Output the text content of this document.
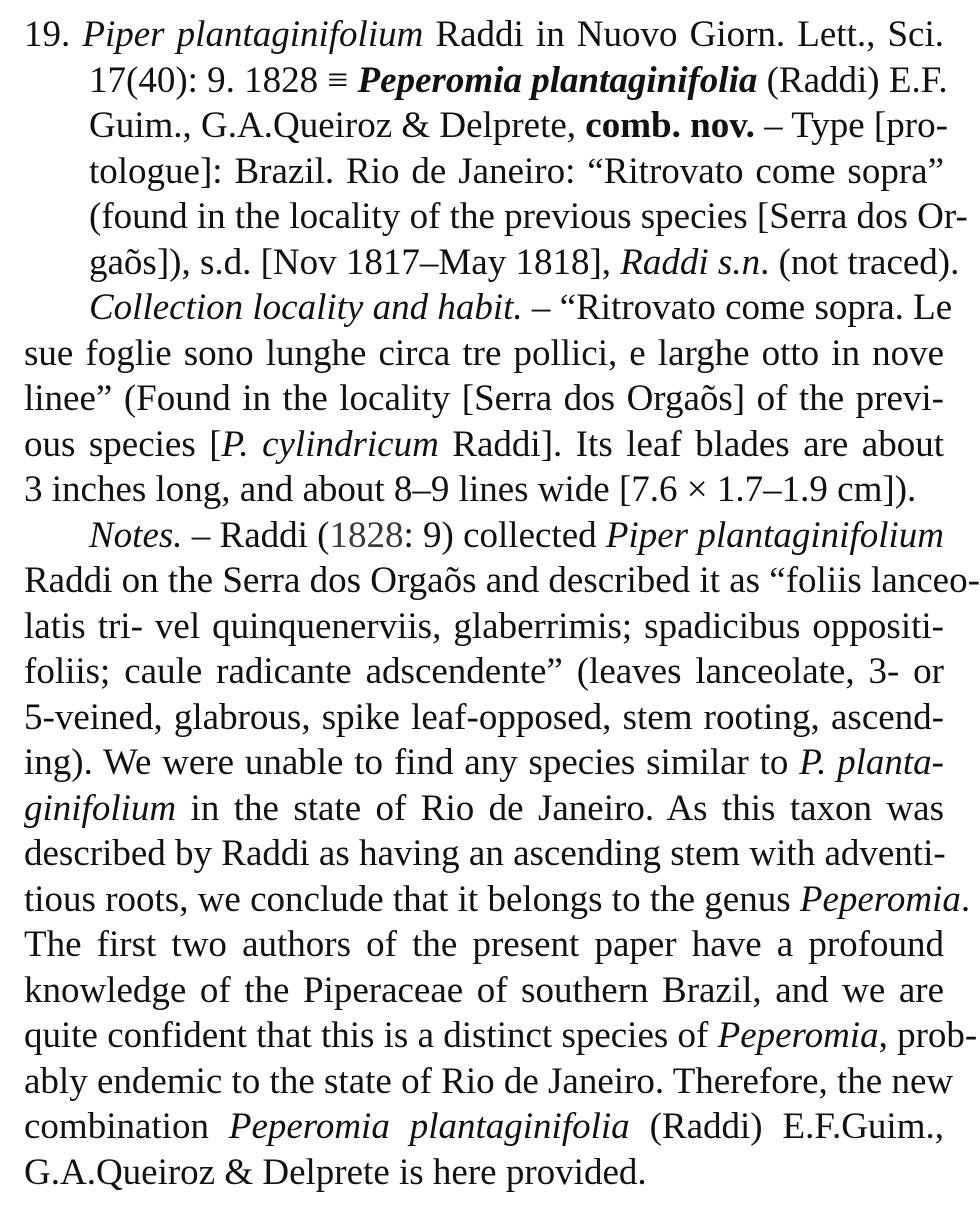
19. Piper plantaginifolium Raddi in Nuovo Giorn. Lett., Sci.
17(40): 9. 1828 ≡ Peperomia plantaginifolia (Raddi) E.F.
Guim., G.A.Queiroz & Delprete, comb. nov. – Type [pro-
tologue]: Brazil. Rio de Janeiro: “Ritrovato come sopra”
(found in the locality of the previous species [Serra dos Or-
gaõs]), s.d. [Nov 1817–May 1818], Raddi s.n. (not traced).
Collection locality and habit. – “Ritrovato come sopra. Le
sue foglie sono lunghe circa tre pollici, e larghe otto in nove
linee” (Found in the locality [Serra dos Orgaõs] of the previ-
ous species [P. cylindricum Raddi]. Its leaf blades are about
3 inches long, and about 8–9 lines wide [7.6 × 1.7–1.9 cm]).
Notes. – Raddi (1828: 9) collected Piper plantaginifolium
Raddi on the Serra dos Orgaõs and described it as “foliis lanceo-
latis tri- vel quinquenerviis, glaberrimis; spadicibus oppositi-
foliis; caule radicante adscendente” (leaves lanceolate, 3- or
5-veined, glabrous, spike leaf-opposed, stem rooting, ascend-
ing). We were unable to find any species similar to P. planta-
ginifolium in the state of Rio de Janeiro. As this taxon was
described by Raddi as having an ascending stem with adventi-
tious roots, we conclude that it belongs to the genus Peperomia.
The first two authors of the present paper have a profound
knowledge of the Piperaceae of southern Brazil, and we are
quite confident that this is a distinct species of Peperomia, prob-
ably endemic to the state of Rio de Janeiro. Therefore, the new
combination Peperomia plantaginifolia (Raddi) E.F.Guim.,
G.A.Queiroz & Delprete is here provided.
